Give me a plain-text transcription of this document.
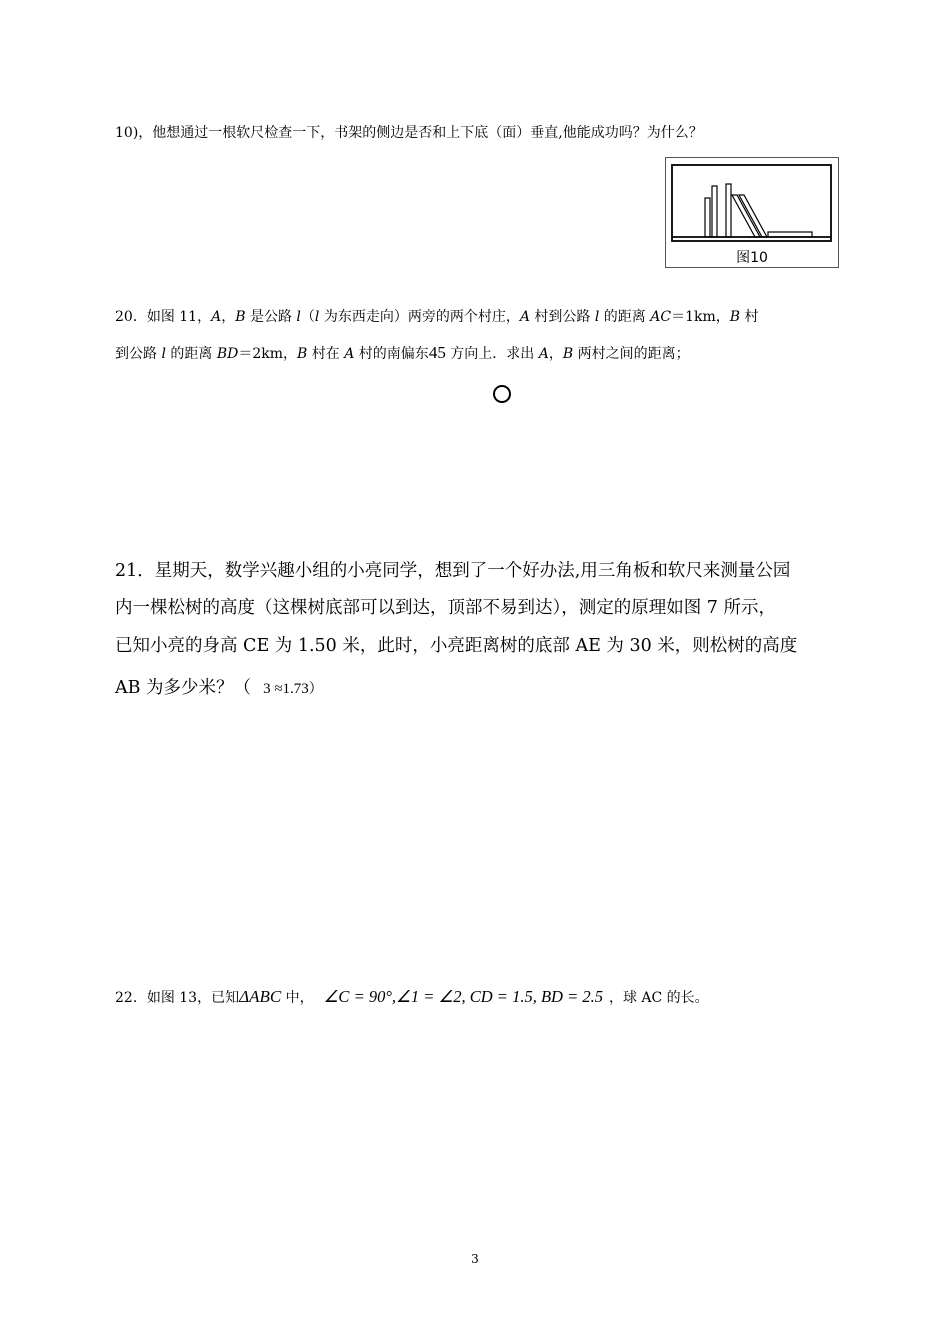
10)，他想通过一根软尺检查一下，书架的侧边是否和上下底（面）垂直,他能成功吗？为什么？
图10
20．如图 11，A，B 是公路 l（l 为东西走向）两旁的两个村庄，A 村到公路 l 的距离 AC＝1km，B 村
到公路 l 的距离 BD＝2km，B 村在 A 村的南偏东45 方向上．求出 A，B 两村之间的距离；
21．星期天，数学兴趣小组的小亮同学，想到了一个好办法,用三角板和软尺来测量公园
内一棵松树的高度（这棵树底部可以到达，顶部不易到达），测定的原理如图 7 所示，
已知小亮的身高 CE 为 1.50 米，此时，小亮距离树的底部 AE 为 30 米，则松树的高度
AB 为多少米？（ 3 ≈1.73）
22．如图 13，已知ΔABC 中， ∠C = 90°,∠1 = ∠2, CD = 1.5, BD = 2.5 ，球 AC 的长。
3
